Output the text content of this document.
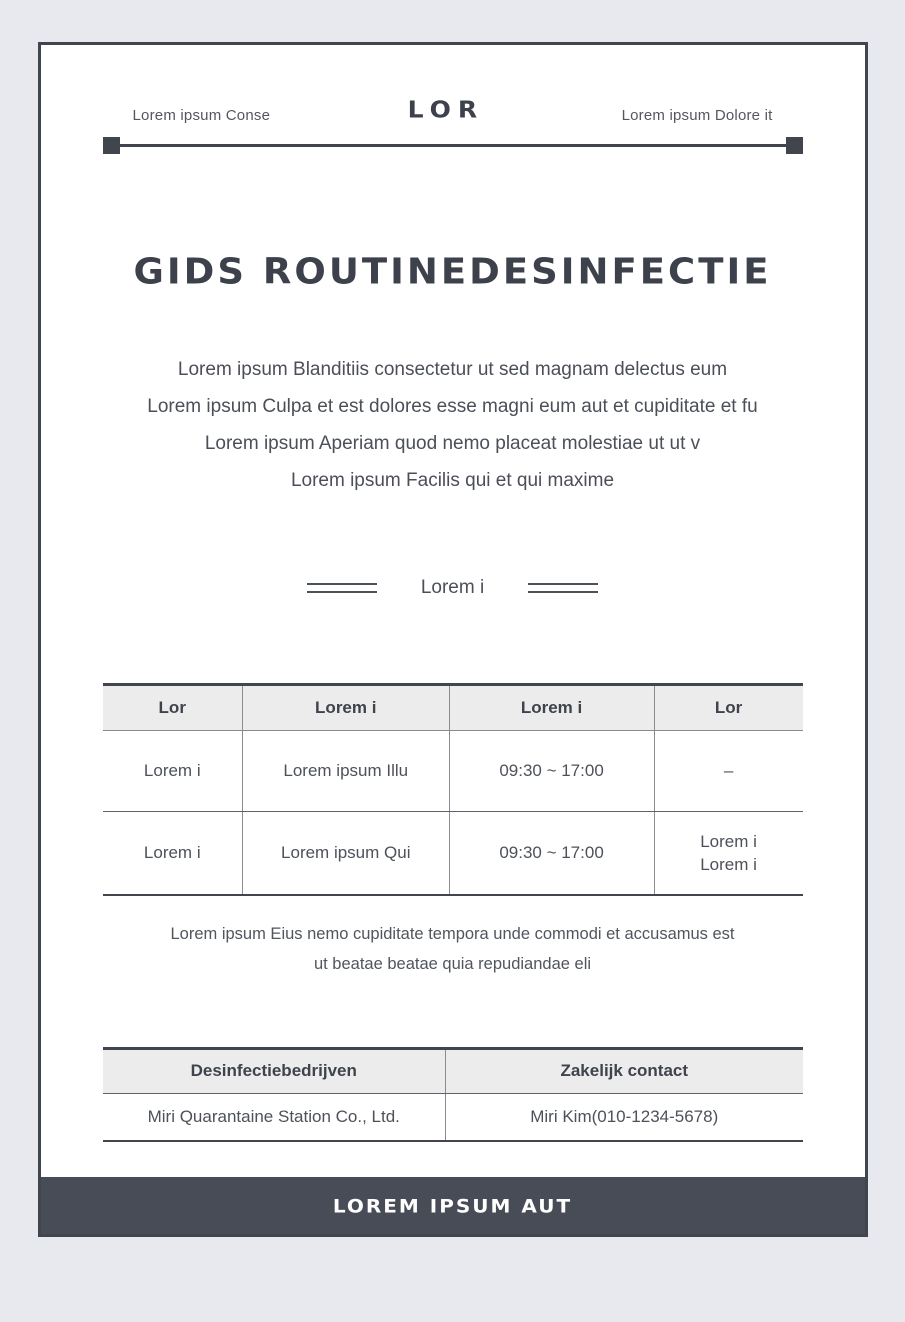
Lorem ipsum Conse	LOR	Lorem ipsum Dolore it
GIDS ROUTINEDESINFECTIE

Lorem ipsum Blanditiis consectetur ut sed magnam delectus eum

Lorem ipsum Culpa et est dolores esse magni eum aut et cupiditate et fu

Lorem ipsum Aperiam quod nemo placeat molestiae ut ut v

Lorem ipsum Facilis qui et qui maxime

Lorem i
Lor	Lorem i	Lorem i	Lor
Lorem i	Lorem ipsum Illu	09:30 ~ 17:00	–
Lorem i	Lorem ipsum Qui	09:30 ~ 17:00	Lorem i
Lorem i

Lorem ipsum Eius nemo cupiditate tempora unde commodi et accusamus est

ut beatae beatae quia repudiandae eli

Desinfectiebedrijven	Zakelijk contact
Miri Quarantaine Station Co., Ltd.	Miri Kim(010-1234-5678)
LOREM IPSUM AUT
